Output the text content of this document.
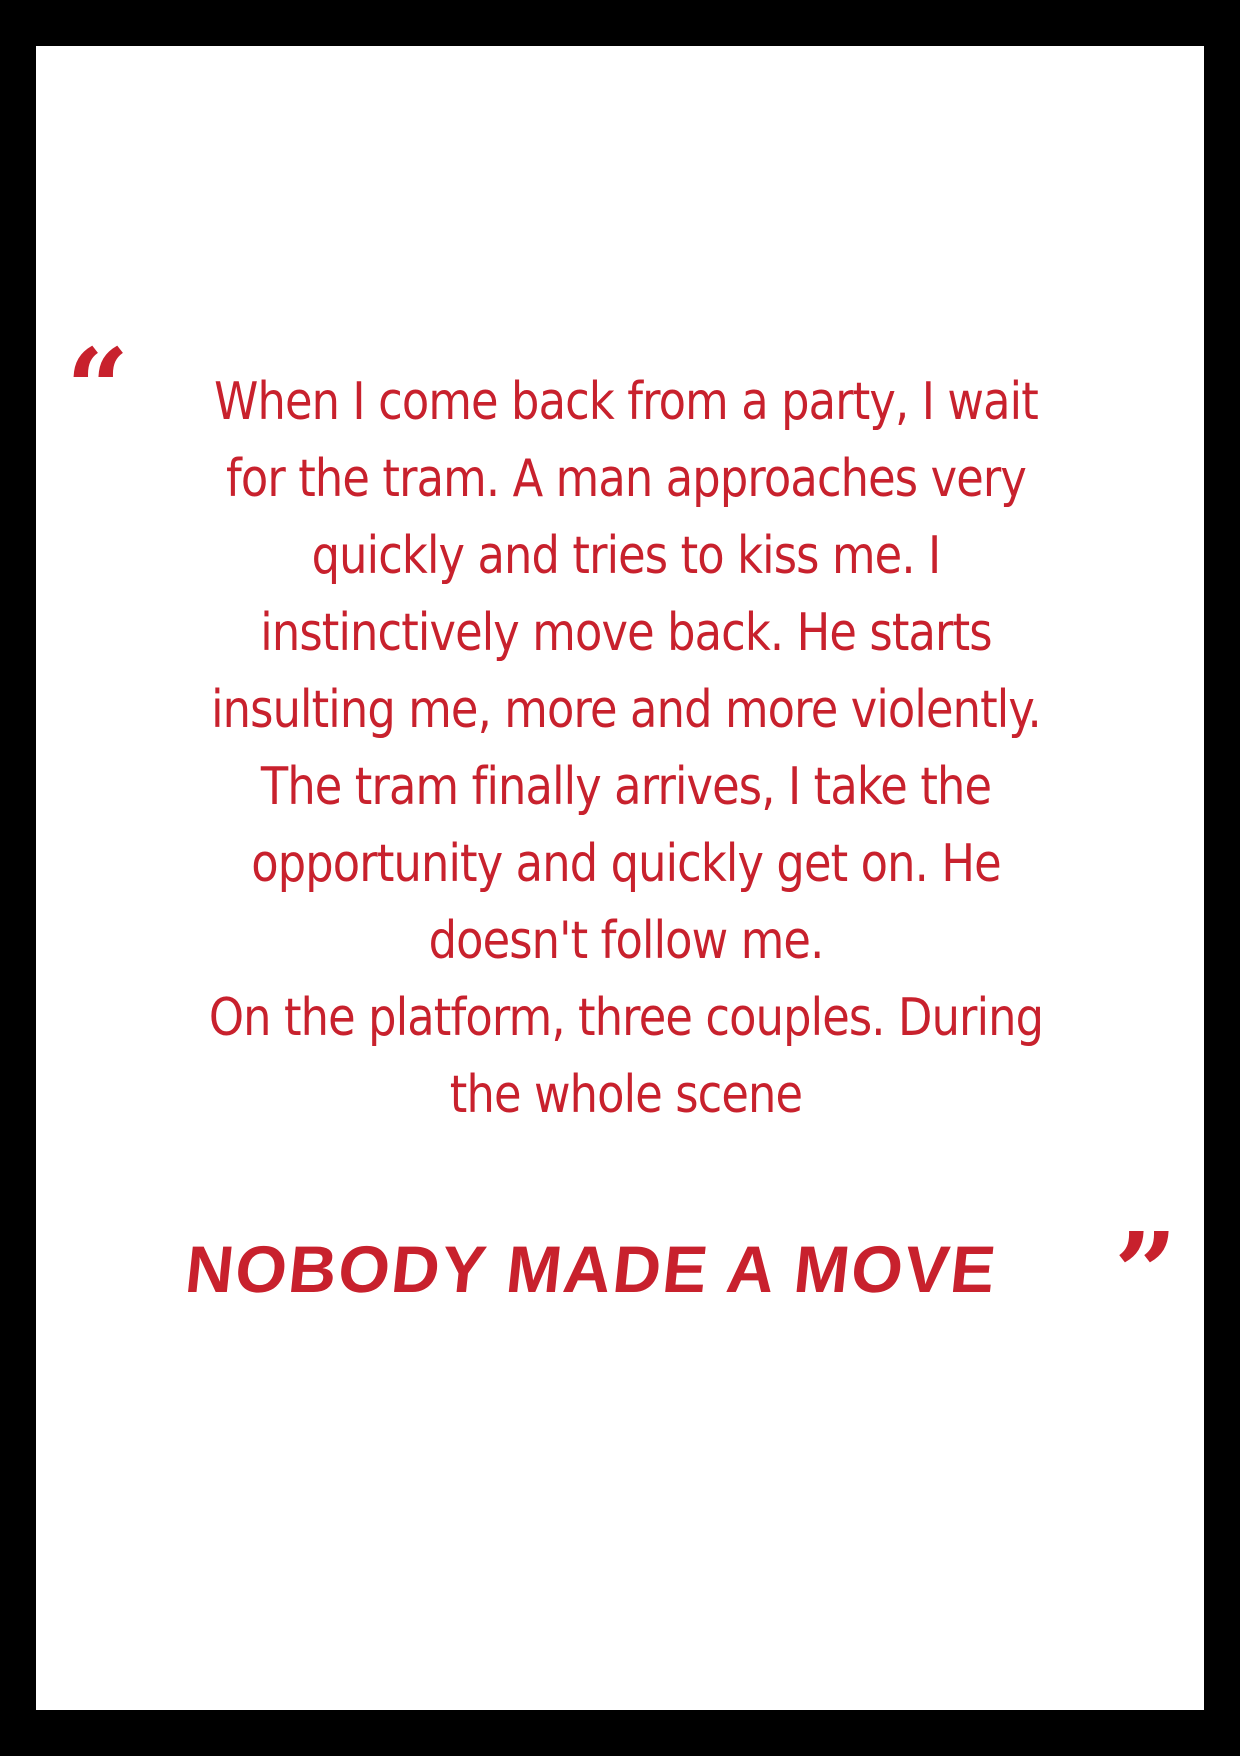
“	When I come back from a party, I wait
for the tram. A man approaches very
quickly and tries to kiss me. I
instinctively move back. He starts
insulting me, more and more violently.
The tram finally arrives, I take the
opportunity and quickly get on. He
doesn't follow me.
On the platform, three couples. During
the whole scene

NOBODY MADE A MOVE	”
